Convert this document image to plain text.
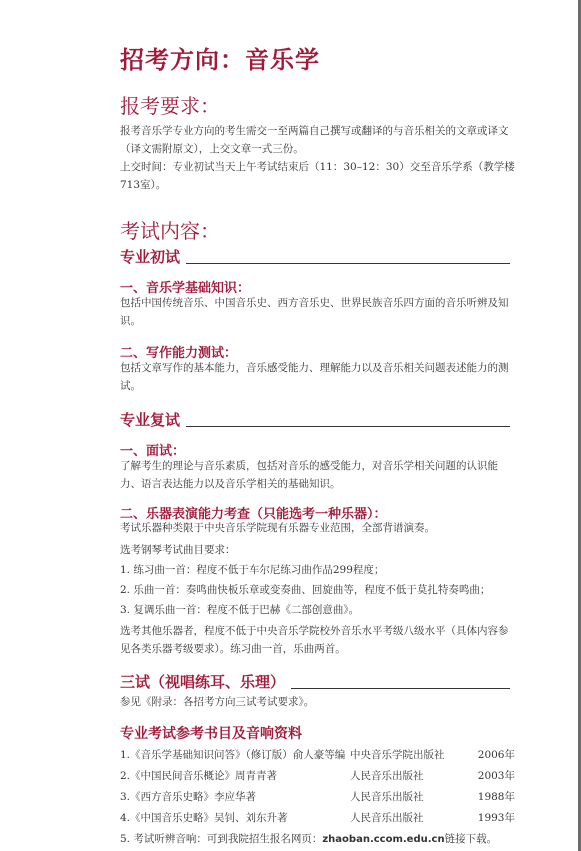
招考方向：音乐学
报考要求：
报考音乐学专业方向的考生需交一至两篇自己撰写或翻译的与音乐相关的文章或译文（译文需附原文），上交文章一式三份。
上交时间：专业初试当天上午考试结束后（11：30–12：30）交至音乐学系（教学楼713室）。
考试内容：
专业初试
一、音乐学基础知识：
包括中国传统音乐、中国音乐史、西方音乐史、世界民族音乐四方面的音乐听辨及知识。
二、写作能力测试：
包括文章写作的基本能力，音乐感受能力、理解能力以及音乐相关问题表述能力的测试。
专业复试
一、面试：
了解考生的理论与音乐素质，包括对音乐的感受能力，对音乐学相关问题的认识能力、语言表达能力以及音乐学相关的基础知识。
二、乐器表演能力考查（只能选考一种乐器）：
考试乐器种类限于中央音乐学院现有乐器专业范围，全部背谱演奏。
选考钢琴考试曲目要求：
1. 练习曲一首：程度不低于车尔尼练习曲作品299程度；
2. 乐曲一首：奏鸣曲快板乐章或变奏曲、回旋曲等，程度不低于莫扎特奏鸣曲；
3. 复调乐曲一首：程度不低于巴赫《二部创意曲》。
选考其他乐器者，程度不低于中央音乐学院校外音乐水平考级八级水平（具体内容参见各类乐器考级要求）。练习曲一首，乐曲两首。
三试（视唱练耳、乐理）
参见《附录：各招考方向三试考试要求》。
专业考试参考书目及音响资料
1.《音乐学基础知识问答》（修订版）俞人豪等编 中央音乐学院出版社	2006年
2.《中国民间音乐概论》周青青著	人民音乐出版社	2003年
3.《西方音乐史略》李应华著	人民音乐出版社	1988年
4.《中国音乐史略》吴钊、刘东升著	人民音乐出版社	1993年
5. 考试听辨音响：可到我院招生报名网页：zhaoban.ccom.edu.cn链接下载。
